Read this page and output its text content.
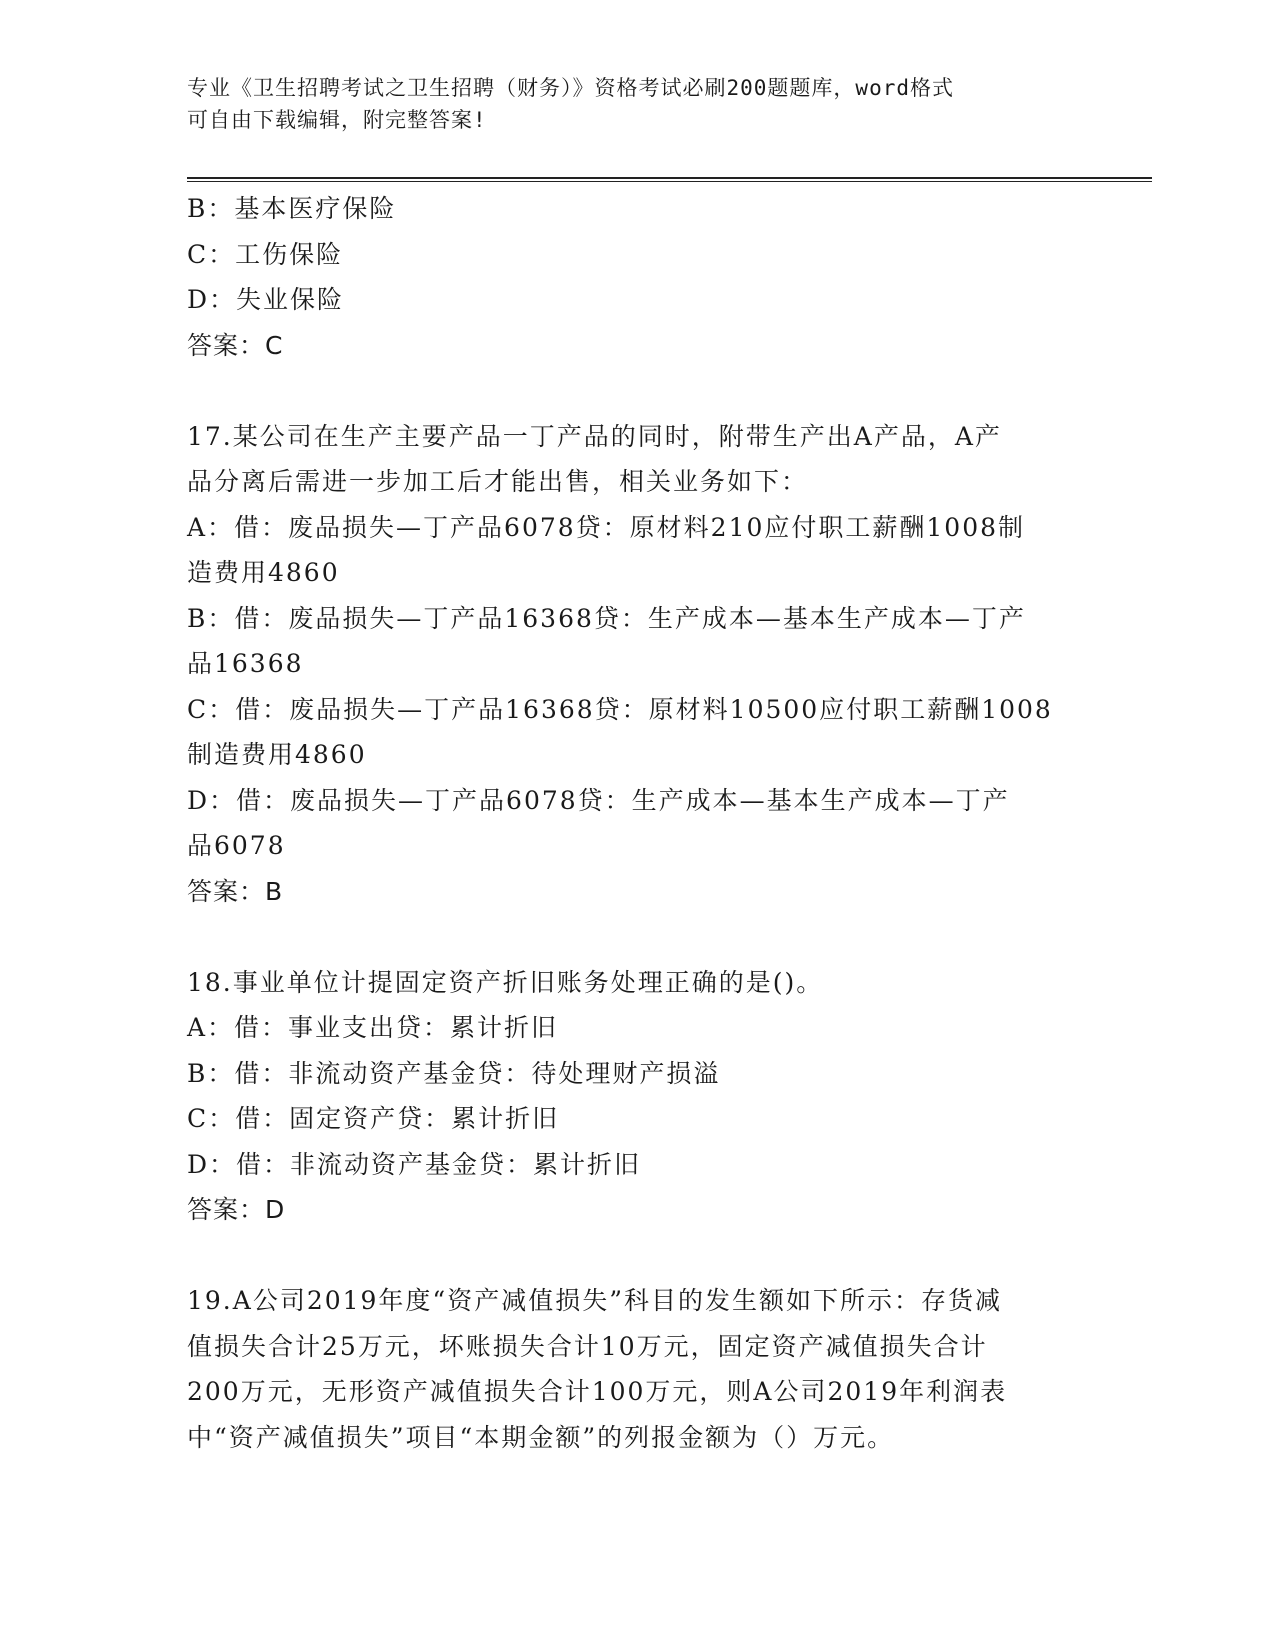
专业《卫生招聘考试之卫生招聘（财务）》资格考试必刷200题题库，word格式
可自由下载编辑，附完整答案!
B：基本医疗保险
C：工伤保险
D：失业保险
答案：C
17.某公司在生产主要产品一丁产品的同时，附带生产出A产品，A产
品分离后需进一步加工后才能出售，相关业务如下：
A：借：废品损失—丁产品6078贷：原材料210应付职工薪酬1008制
造费用4860
B：借：废品损失—丁产品16368贷：生产成本—基本生产成本—丁产
品16368
C：借：废品损失—丁产品16368贷：原材料10500应付职工薪酬1008
制造费用4860
D：借：废品损失—丁产品6078贷：生产成本—基本生产成本—丁产
品6078
答案：B
18.事业单位计提固定资产折旧账务处理正确的是()。
A：借：事业支出贷：累计折旧
B：借：非流动资产基金贷：待处理财产损溢
C：借：固定资产贷：累计折旧
D：借：非流动资产基金贷：累计折旧
答案：D
19.A公司2019年度“资产减值损失”科目的发生额如下所示：存货减
值损失合计25万元，坏账损失合计10万元，固定资产减值损失合计
200万元，无形资产减值损失合计100万元，则A公司2019年利润表
中“资产减值损失”项目“本期金额”的列报金额为（）万元。
